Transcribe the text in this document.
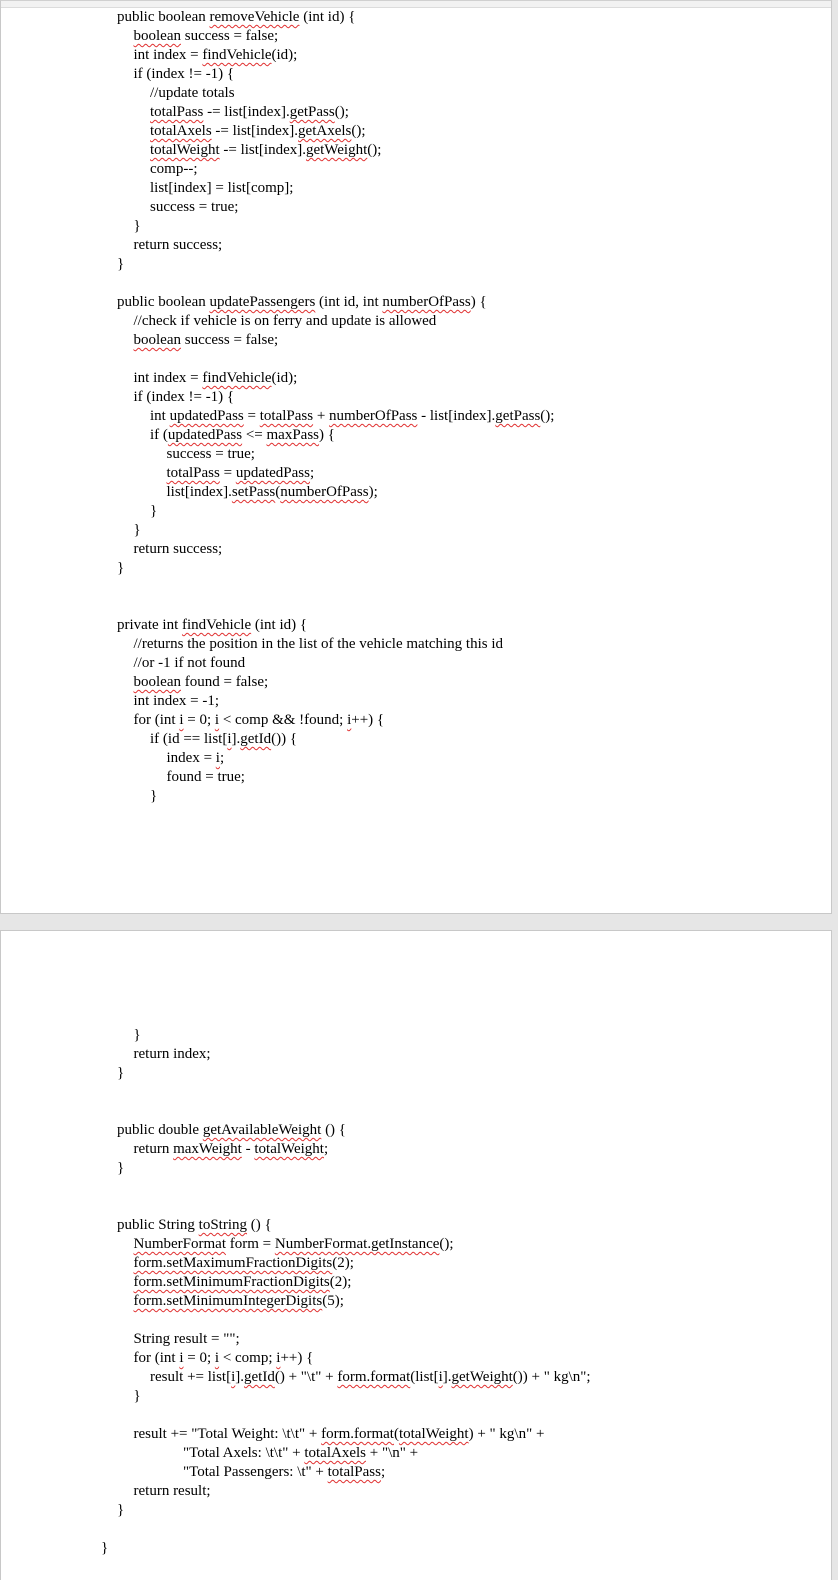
public boolean removeVehicle (int id) {
boolean success = false;
int index = findVehicle(id);
if (index != -1) {
//update totals
totalPass -= list[index].getPass();
totalAxels -= list[index].getAxels();
totalWeight -= list[index].getWeight();
comp--;
list[index] = list[comp];
success = true;
}
return success;
}
public boolean updatePassengers (int id, int numberOfPass) {
//check if vehicle is on ferry and update is allowed
boolean success = false;
int index = findVehicle(id);
if (index != -1) {
int updatedPass = totalPass + numberOfPass - list[index].getPass();
if (updatedPass <= maxPass) {
success = true;
totalPass = updatedPass;
list[index].setPass(numberOfPass);
}
}
return success;
}
private int findVehicle (int id) {
//returns the position in the list of the vehicle matching this id
//or -1 if not found
boolean found = false;
int index = -1;
for (int i = 0; i < comp && !found; i++) {
if (id == list[i].getId()) {
index = i;
found = true;
}
}
return index;
}
public double getAvailableWeight () {
return maxWeight - totalWeight;
}
public String toString () {
NumberFormat form = NumberFormat.getInstance();
form.setMaximumFractionDigits(2);
form.setMinimumFractionDigits(2);
form.setMinimumIntegerDigits(5);
String result = "";
for (int i = 0; i < comp; i++) {
result += list[i].getId() + "\t" + form.format(list[i].getWeight()) + " kg\n";
}
result += "Total Weight: \t\t" + form.format(totalWeight) + " kg\n" +
"Total Axels: \t\t" + totalAxels + "\n" +
"Total Passengers: \t" + totalPass;
return result;
}
}
